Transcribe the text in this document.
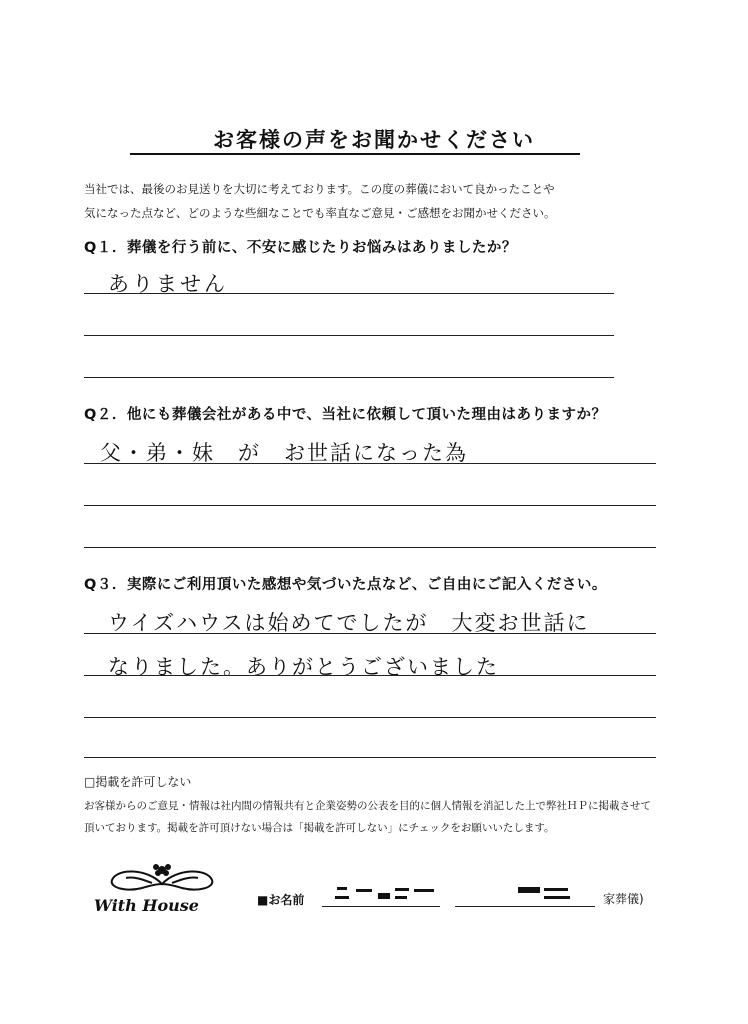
お客様の声をお聞かせください
当社では、最後のお見送りを大切に考えております。この度の葬儀において良かったことや
気になった点など、どのような些細なことでも率直なご意見・ご感想をお聞かせください。
Q１．葬儀を行う前に、不安に感じたりお悩みはありましたか？
ありません
Q２．他にも葬儀会社がある中で、当社に依頼して頂いた理由はありますか？
父・弟・妹　が　お世話になった為
Q３．実際にご利用頂いた感想や気づいた点など、ご自由にご記入ください。
ウイズハウスは始めてでしたが　大変お世話に
なりました。ありがとうございました
□掲載を許可しない
お客様からのご意見・情報は社内間の情報共有と企業姿勢の公表を目的に個人情報を消記した上で弊社ＨＰに掲載させて
頂いております。掲載を許可頂けない場合は「掲載を許可しない」にチェックをお願いいたします。
With House	■お名前	家葬儀)
